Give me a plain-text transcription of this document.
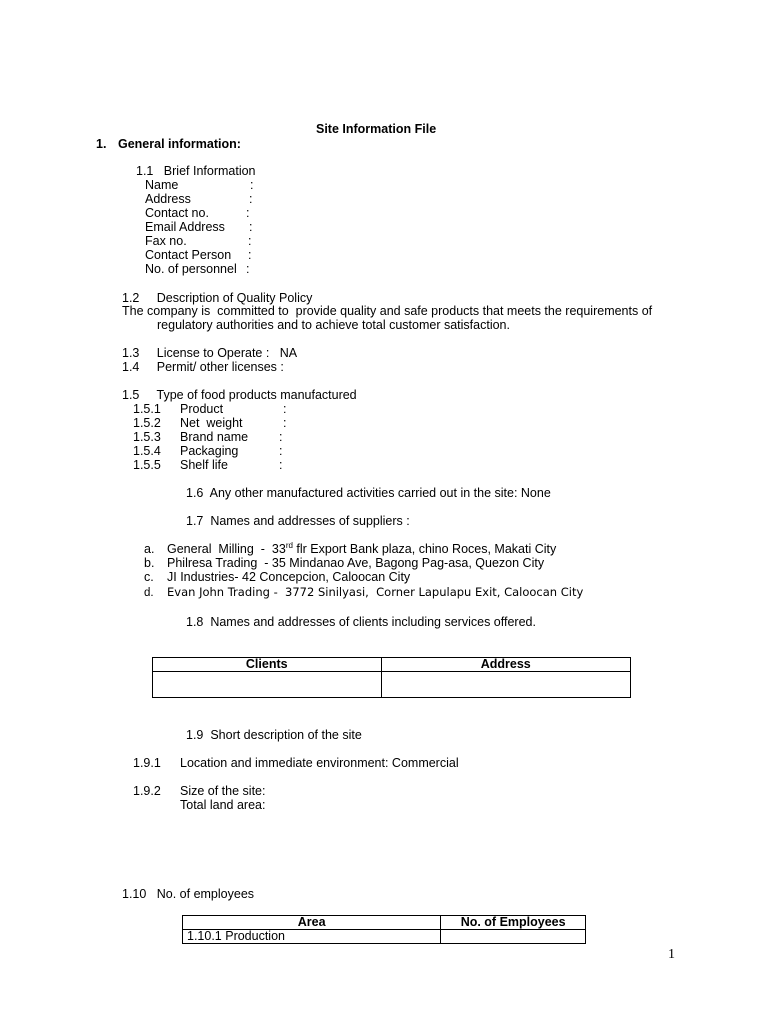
Site Information File
1. General information:
1.1   Brief Information
Name	:
Address	:
Contact no.	:
Email Address :
Fax no.	:
Contact Person :
No. of personnel :
1.2     Description of Quality Policy
The company is  committed to  provide quality and safe products that meets the requirements of
regulatory authorities and to achieve total customer satisfaction.
1.3     License to Operate :   NA
1.4     Permit/ other licenses :
1.5     Type of food products manufactured
1.5.1 Product	:
1.5.2 Net  weight	:
1.5.3 Brand name :
1.5.4 Packaging	:
1.5.5 Shelf life	:
1.6  Any other manufactured activities carried out in the site: None
1.7  Names and addresses of suppliers :
a. General  Milling  -  33rd flr Export Bank plaza, chino Roces, Makati City
b. Philresa Trading  - 35 Mindanao Ave, Bagong Pag-asa, Quezon City
c. JI Industries- 42 Concepcion, Caloocan City
d. Evan John Trading -  3772 Sinilyasi,  Corner Lapulapu Exit, Caloocan City
1.8  Names and addresses of clients including services offered.
Clients	Address

1.9  Short description of the site
1.9.1 Location and immediate environment: Commercial
1.9.2 Size of the site:
Total land area:
1.10   No. of employees
Area	No. of Employees
1.10.1 Production	
1
